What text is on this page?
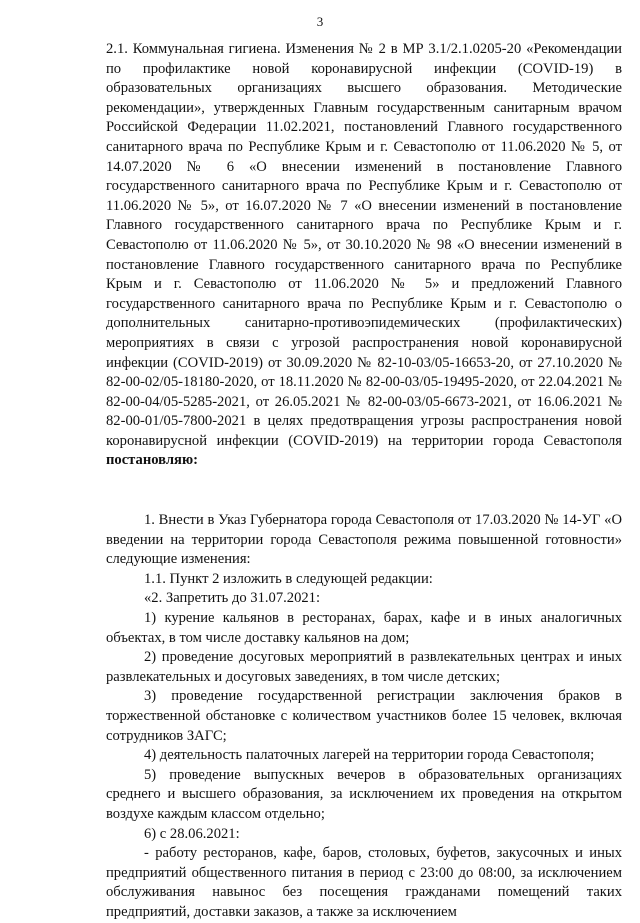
3

2.1. Коммунальная гигиена. Изменения № 2 в МР 3.1/2.1.0205-20 «Рекомендации по профилактике новой коронавирусной инфекции (COVID-19) в образовательных организациях высшего образования. Методические рекомендации», утвержденных Главным государственным санитарным врачом Российской Федерации 11.02.2021, постановлений Главного государственного санитарного врача по Республике Крым и г. Севастополю от 11.06.2020 № 5, от 14.07.2020 № 6 «О внесении изменений в постановление Главного государственного санитарного врача по Республике Крым и г. Севастополю от 11.06.2020 № 5», от 16.07.2020 № 7 «О внесении изменений в постановление Главного государственного санитарного врача по Республике Крым и г. Севастополю от 11.06.2020 № 5», от 30.10.2020 № 98 «О внесении изменений в постановление Главного государственного санитарного врача по Республике Крым и г. Севастополю от 11.06.2020 № 5» и предложений Главного государственного санитарного врача по Республике Крым и г. Севастополю о дополнительных санитарно-противоэпидемических (профилактических) мероприятиях в связи с угрозой распространения новой коронавирусной инфекции (COVID-2019) от 30.09.2020 № 82-10-03/05-16653-20, от 27.10.2020 № 82-00-02/05-18180-2020, от 18.11.2020 № 82-00-03/05-19495-2020, от 22.04.2021 № 82-00-04/05-5285-2021, от 26.05.2021 № 82-00-03/05-6673-2021, от 16.06.2021 № 82-00-01/05-7800-2021 в целях предотвращения угрозы распространения новой коронавирусной инфекции (COVID-2019) на территории города Севастополя постановляю:

1. Внести в Указ Губернатора города Севастополя от 17.03.2020 № 14-УГ «О введении на территории города Севастополя режима повышенной готовности» следующие изменения:

1.1. Пункт 2 изложить в следующей редакции:

«2. Запретить до 31.07.2021:

1) курение кальянов в ресторанах, барах, кафе и в иных аналогичных объектах, в том числе доставку кальянов на дом;

2) проведение досуговых мероприятий в развлекательных центрах и иных развлекательных и досуговых заведениях, в том числе детских;

3) проведение государственной регистрации заключения браков в торжественной обстановке с количеством участников более 15 человек, включая сотрудников ЗАГС;

4) деятельность палаточных лагерей на территории города Севастополя;

5) проведение выпускных вечеров в образовательных организациях среднего и высшего образования, за исключением их проведения на открытом воздухе каждым классом отдельно;

6) с 28.06.2021:

- работу ресторанов, кафе, баров, столовых, буфетов, закусочных и иных предприятий общественного питания в период с 23:00 до 08:00, за исключением обслуживания навынос без посещения гражданами помещений таких предприятий, доставки заказов, а также за исключением
